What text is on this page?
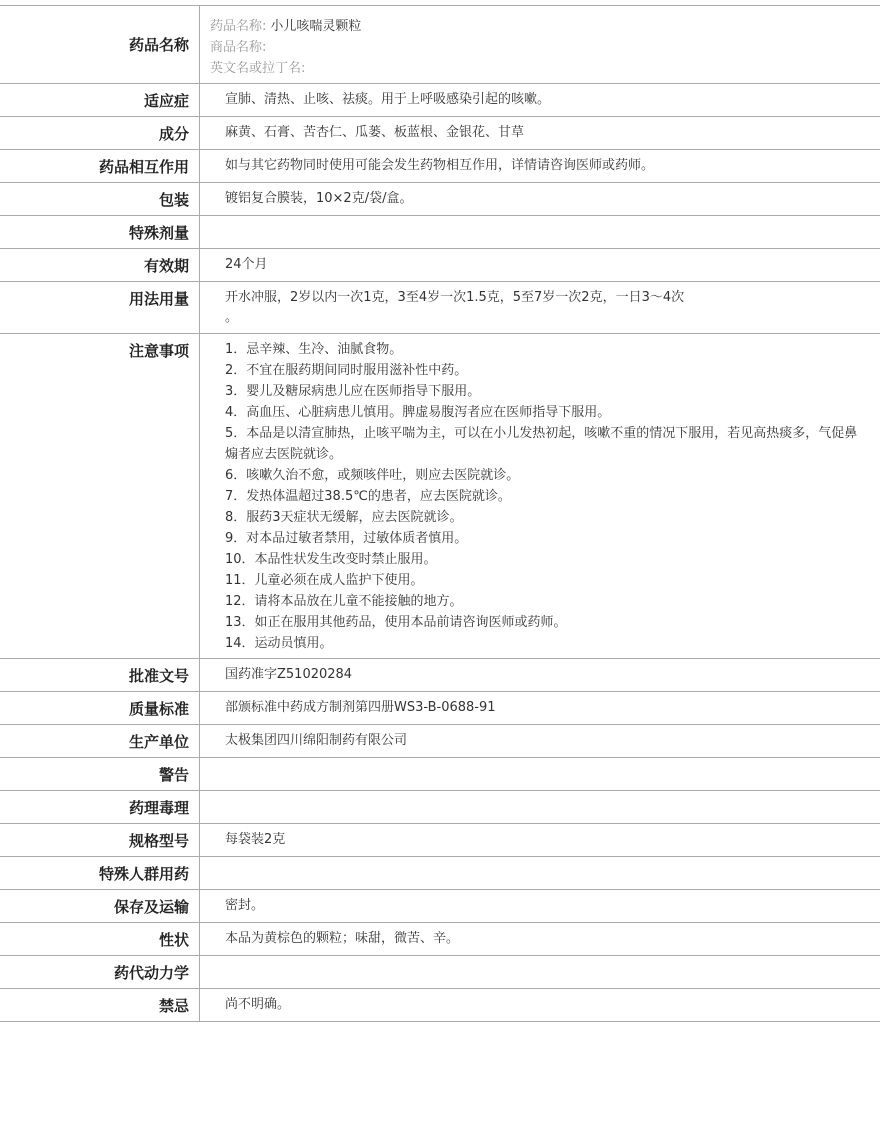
药品名称
药品名称: 小儿咳喘灵颗粒
商品名称:
英文名或拉丁名:
适应症	宣肺、清热、止咳、祛痰。用于上呼吸感染引起的咳嗽。
成分	麻黄、石膏、苦杏仁、瓜蒌、板蓝根、金银花、甘草
药品相互作用	如与其它药物同时使用可能会发生药物相互作用，详情请咨询医师或药师。
包装	镀铝复合膜装，10×2克/袋/盒。
特殊剂量
有效期	24个月
用法用量	开水冲服，2岁以内一次1克，3至4岁一次1.5克，5至7岁一次2克，一日3～4次
。
注意事项	1．忌辛辣、生冷、油腻食物。
2．不宜在服药期间同时服用滋补性中药。
3．婴儿及糖尿病患儿应在医师指导下服用。
4．高血压、心脏病患儿慎用。脾虚易腹泻者应在医师指导下服用。
5．本品是以清宣肺热，止咳平喘为主，可以在小儿发热初起，咳嗽不重的情况下服用，若见高热痰多，气促鼻煽者应去医院就诊。
6．咳嗽久治不愈，或频咳伴吐，则应去医院就诊。
7．发热体温超过38.5℃的患者，应去医院就诊。
8．服药3天症状无缓解，应去医院就诊。
9．对本品过敏者禁用，过敏体质者慎用。
10．本品性状发生改变时禁止服用。
11．儿童必须在成人监护下使用。
12．请将本品放在儿童不能接触的地方。
13．如正在服用其他药品，使用本品前请咨询医师或药师。
14．运动员慎用。
批准文号	国药准字Z51020284
质量标准	部颁标准中药成方制剂第四册WS3-B-0688-91
生产单位	太极集团四川绵阳制药有限公司
警告
药理毒理
规格型号	每袋装2克
特殊人群用药
保存及运输	密封。
性状	本品为黄棕色的颗粒；味甜，微苦、辛。
药代动力学
禁忌	尚不明确。
